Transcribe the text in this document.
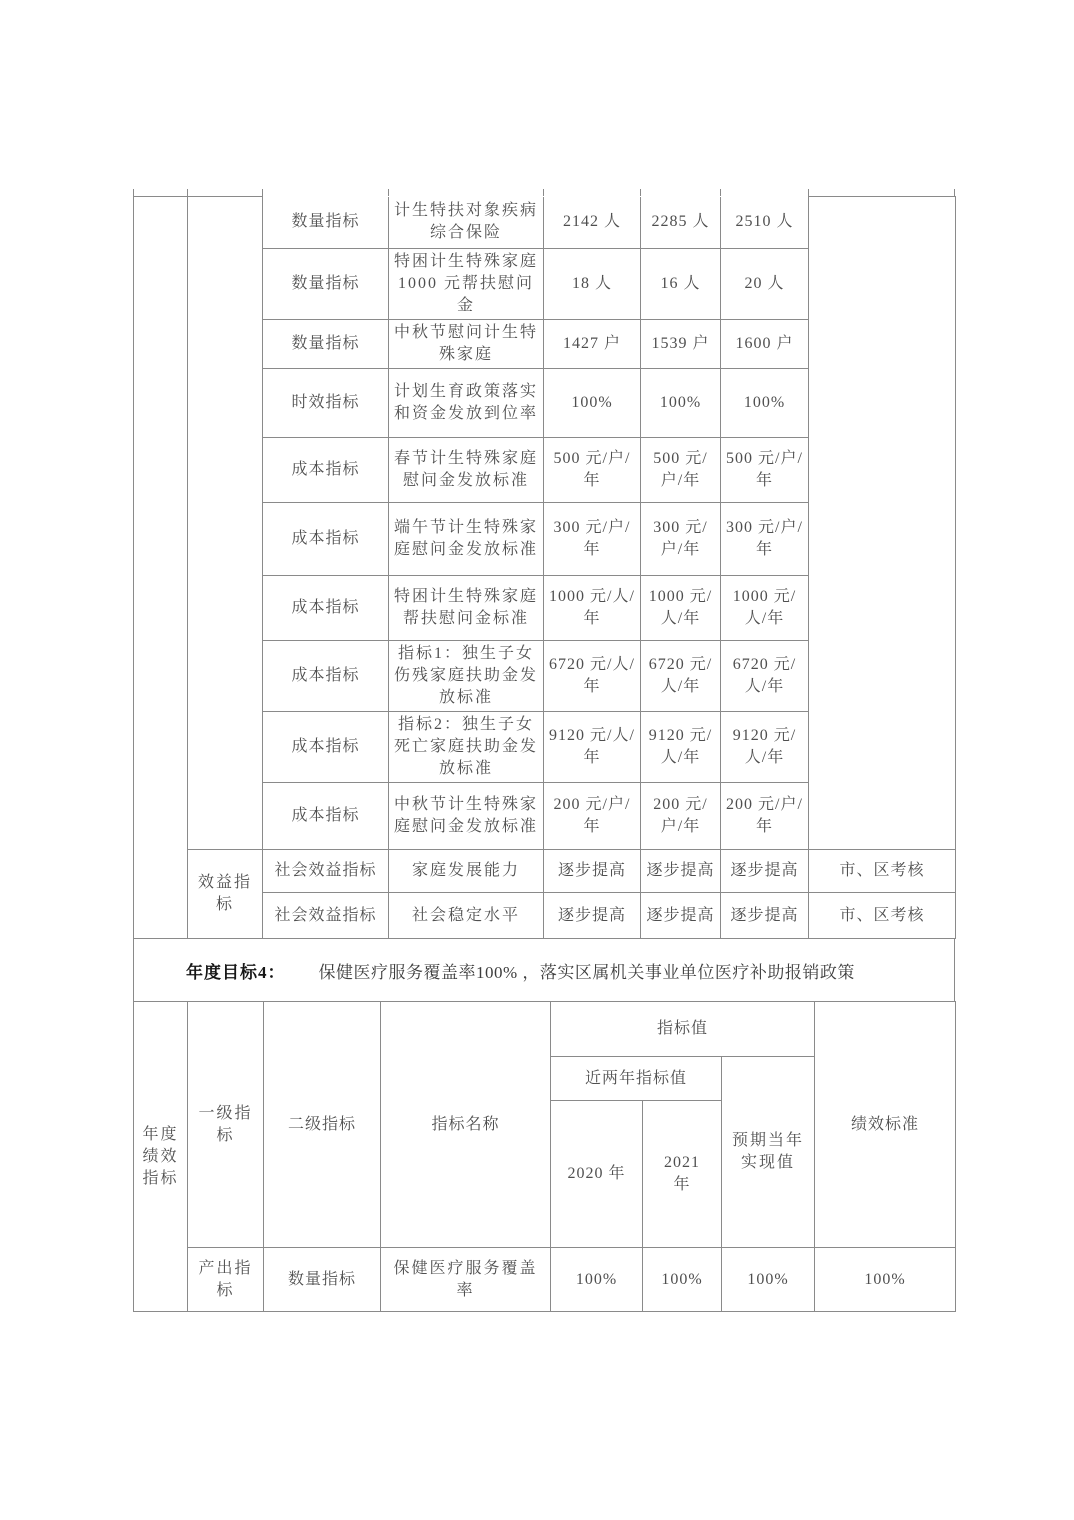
		数量指标	计生特扶对象疾病综合保险	2142 人	2285 人	2510 人	
		数量指标	特困计生特殊家庭 1000 元帮扶慰问金	18 人	16 人	20 人	
		数量指标	中秋节慰问计生特殊家庭	1427 户	1539 户	1600 户	
		时效指标	计划生育政策落实和资金发放到位率	100%	100%	100%	
		成本指标	春节计生特殊家庭慰问金发放标准	500 元/户/年	500 元/户/年	500 元/户/年	
		成本指标	端午节计生特殊家庭慰问金发放标准	300 元/户/年	300 元/户/年	300 元/户/年	
		成本指标	特困计生特殊家庭帮扶慰问金标准	1000 元/人/年	1000 元/人/年	1000 元/人/年	
		成本指标	指标1：独生子女伤残家庭扶助金发放标准	6720 元/人/年	6720 元/人/年	6720 元/人/年	
		成本指标	指标2：独生子女死亡家庭扶助金发放标准	9120 元/人/年	9120 元/人/年	9120 元/人/年	
		成本指标	中秋节计生特殊家庭慰问金发放标准	200 元/户/年	200 元/户/年	200 元/户/年	
	效益指标	社会效益指标	家庭发展能力	逐步提高	逐步提高	逐步提高	市、区考核
		社会效益指标	社会稳定水平	逐步提高	逐步提高	逐步提高	市、区考核
年度目标4： 保健医疗服务覆盖率100% ，落实区属机关事业单位医疗补助报销政策
年度绩效指标	一级指标	二级指标	指标名称	指标值			绩效标准
				近两年指标值		预期当年实现值	
				2020 年	2021 年		
	产出指标	数量指标	保健医疗服务覆盖率	100%	100%	100%	100%
